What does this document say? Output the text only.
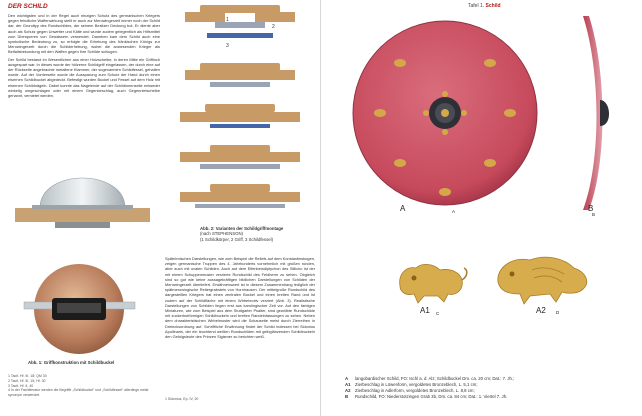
DER SCHILD

Den wichtigsten und in der Regel auch einzigen Schutz des germanischen Kriegers gegen feindliche Waffenwirkung stellt er auch zur Merowingerzeit immer noch der Schild dar, der Grundtyp des Rundschildes, der seinem Besitzer Deckung bot. Er diente aber auch als Schutz gegen Unwetter und Kälte und wurde zudem gelegentlich als Hilfsmittel zum Überqueren von Gewässern verwendet. Daneben kam dem Schild auch eine symbolische Bedeutung zu, so erfolgte die Erhebung des fränkischen Königs zur Merowingerzeit durch die Schilderhebung, wobei die anwesenden Krieger als Beifallsbekundung mit den Waffen gegen ihre Schilde schlugen.

Der Schild bestand im Wesentlichen aus einer Holzscheibe, in deren Mitte ein Griffloch ausgespart war. In dieses wurde der hölzerne Schildgriff eingelassen, der durch eine auf der Rückseite angebrachte metallene Klammer, der sogenannten Schildfessel, gehalten wurde. Auf der Vorderseite wurde die Aussparung zum Schutz der Hand durch einen eisernen Schildbuckel abgedeckt. Befestigt wurden Buckel und Fessel auf dem Holz mit eisernen Schildnägeln. Dabei konnte das Nagelende auf der Schildinnenseite entweder winkelig umgeschlagen oder mit einem Gegenbeschlag, auch Gegennietscheibe genannt, vernietet werden.

Abb. 1: Griffkonstruktion mit Schildbuckel
1 Tacit. Hf. III, 18; QM 30
2 Tacit. Hf. III, 15; Hf. 30
3 Tacit. Hf. II, 40
4 In der Fachliteratur werden die Begriffe „Schildbuckel“ und „Schildfessel“ allerdings meist synonym verwendet.
1
2
3
Abb. 2: Varianten der Schildgriffmontage
(nach STEPHENSON)
(1 Schildkörper, 2 Griff, 3 Schildfessel)

Spätrömischen Darstellungen, wie zum Beispiel die Reliefs auf dem Konstantinsbogen, zeigen germanische Truppen des 4. Jahrhunderts vornehmlich mit großen runden, aber auch mit ovalen Schilden. Auch auf dem Elfenbeindiptychon des Stilicho ist der mit einem Schuppenmuster verzierte Rundschild des Feldherrn zu sehen. Obgleich sind so gut wie keine aussagekräftigen bildlichen Darstellungen von Schilden der Merowingerzeit überliefert. Erwähnenswert ist in diesem Zusammenhang lediglich der spätmerowingische Reitergrabstein von Hornhausen. Der mittelgroße Rundschild des dargestellten Kriegers hat einen zentralen Buckel und einen breiten Rand und ist zudem auf der Schildfläche mit einem Wirbelmotiv verziert (Abb. 3). Realistische Darstellungen von Schilden liegen erst aus karolingischer Zeit vor. Auf den farbigen Miniaturen, wie zum Beispiel aus dem Stuttgarter Psalter, sind gewölbte Rundschilde mit zuckerhutförmigen Schildbuckeln und breiten Randeinfassungen zu sehen. Neben dem charakteristischen Wirbelmuster wird die Schauseite meist durch Zierreihen in Dreiecksordnung auf. Schriftliche Erwähnung findet der Schild indessen bei Sidonius Apollinaris, der ein leuchtend weißen Rundschilden mit gelbglänzenden Schildbuckeln den Gefolgsleute des Prinzen Sigismer zu berichten weiß.

1 Sidonius, Ep. IV, 20
Tafel 1. Schild
A	A	B
B
A1 C	A2 D
A	langobardischer Schild, FO: Ischl a. d. Alz; Schildbuckel Dm. ca. 20 cm; Dat.: 7. Jh.;
A1	Zierbeschlag in Löwenform, vergoldetes Bronzeblech, L. 5,1 cm;
A2	Zierbeschlag in Adlerform, vergoldetes Bronzeblech, L. 8,8 cm;
B	Rundschild, FO: Niederstotzingen Grab 3b, Dm. ca. 84 cm; Dat.: 1. Viertel 7. Jh.
